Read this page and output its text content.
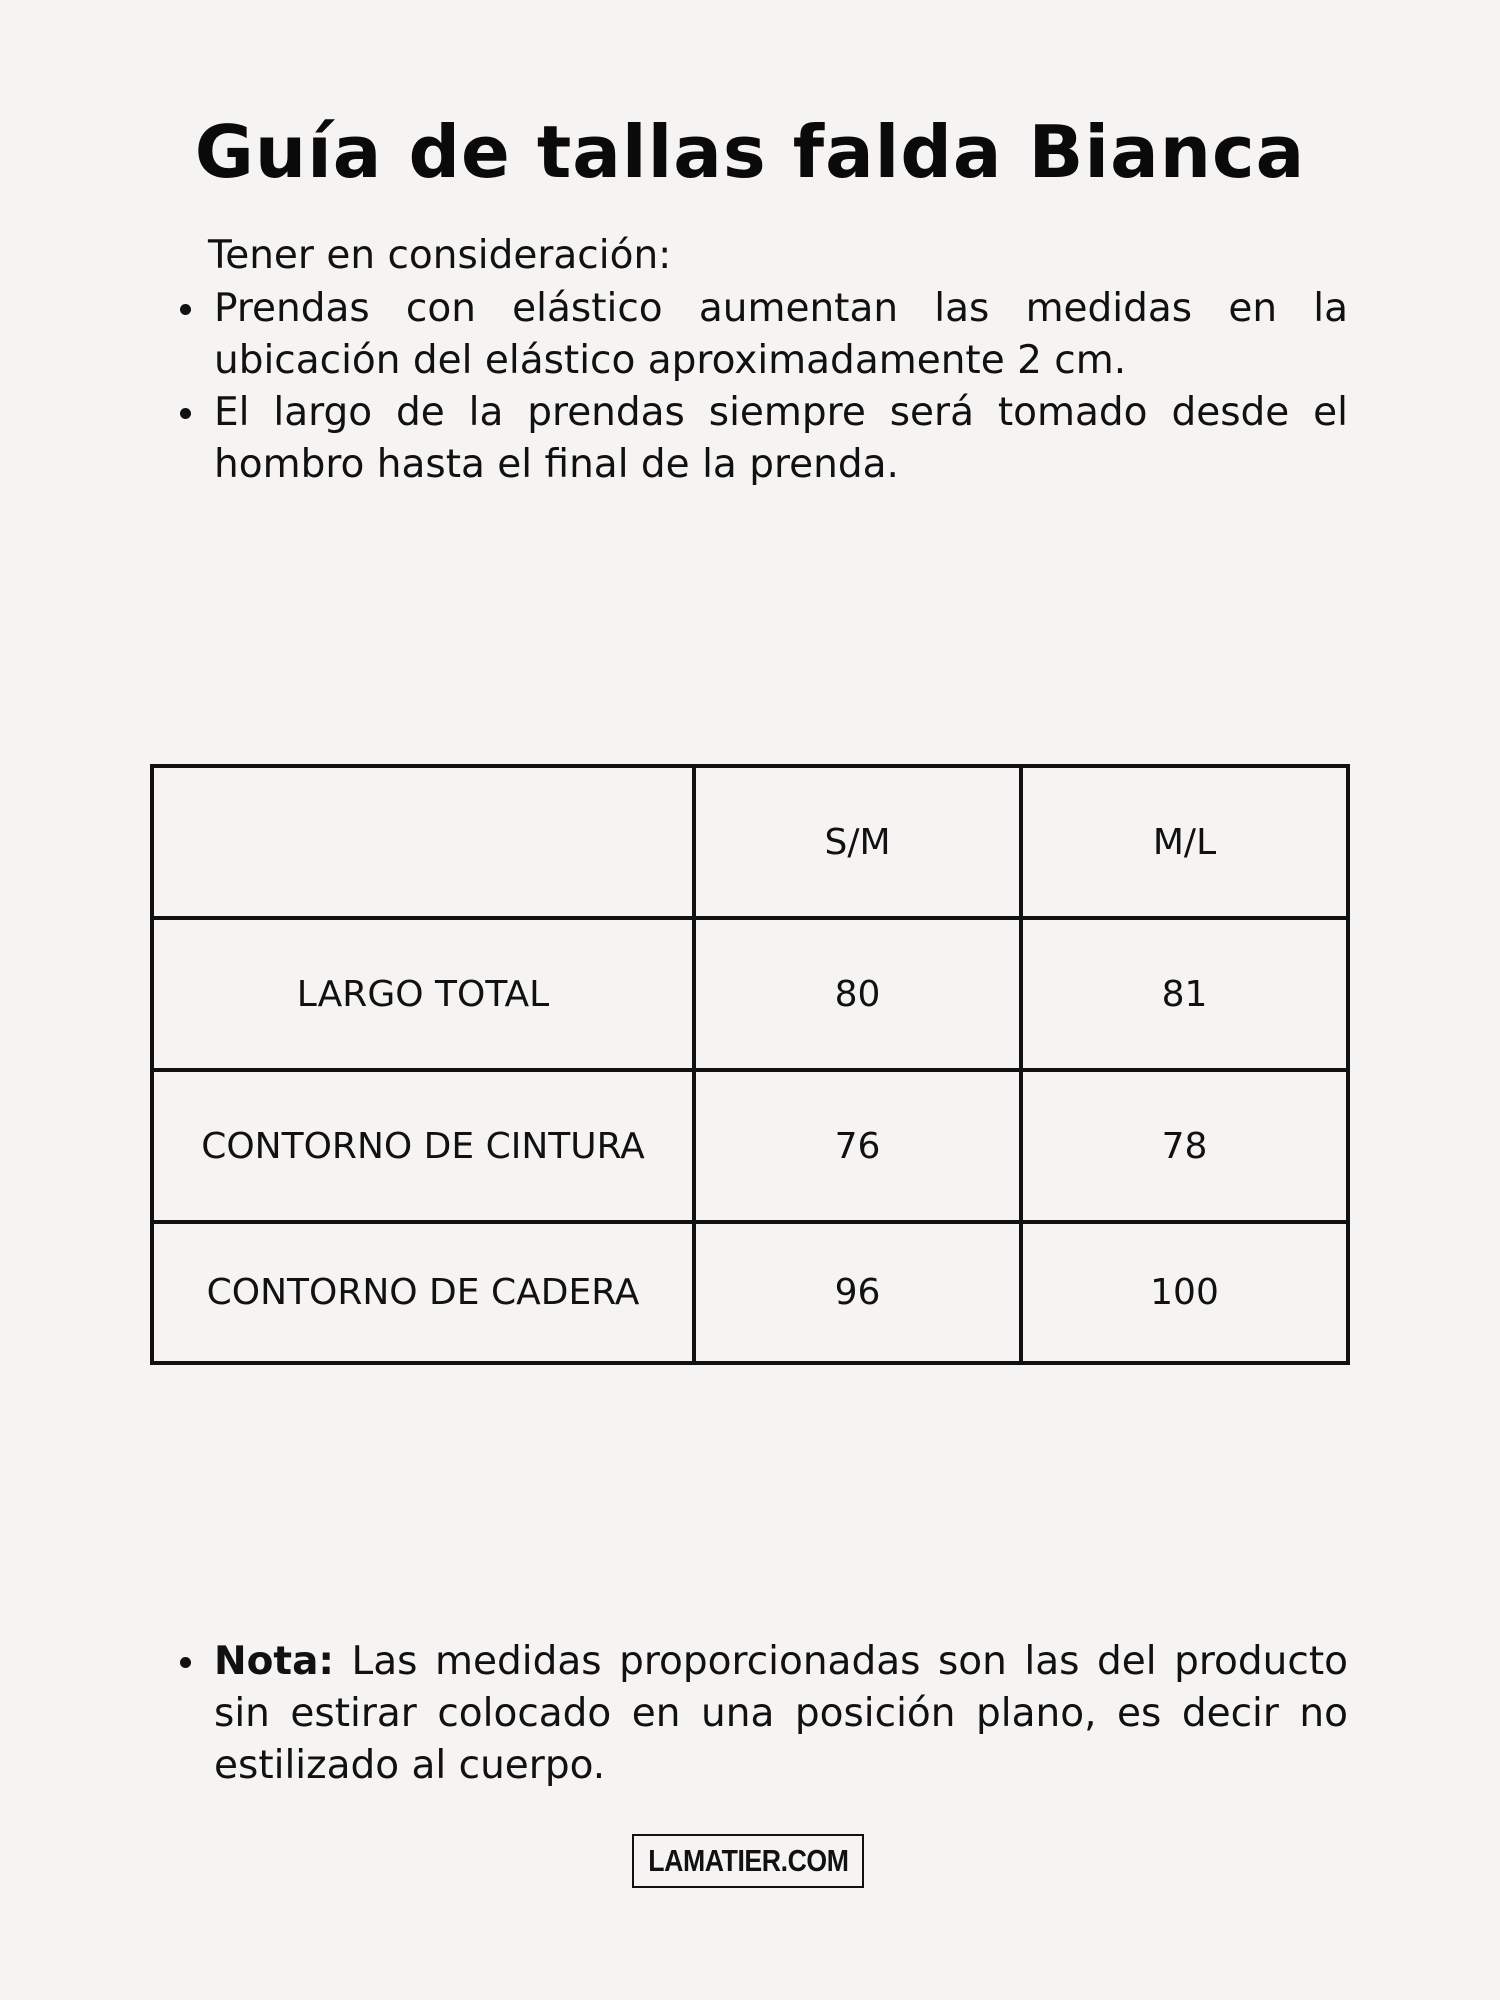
Guía de tallas falda Bianca
Tener en consideración:
Prendas con elástico aumentan las medidas en la ubicación del elástico aproximadamente 2 cm.
El largo de la prendas siempre será tomado desde el hombro hasta el final de la prenda.
	S/M	M/L
LARGO TOTAL	80	81
CONTORNO DE CINTURA	76	78
CONTORNO DE CADERA	96	100
Nota: Las medidas proporcionadas son las del producto sin estirar colocado en una posición plano, es decir no estilizado al cuerpo.
LAMATIER.COM
